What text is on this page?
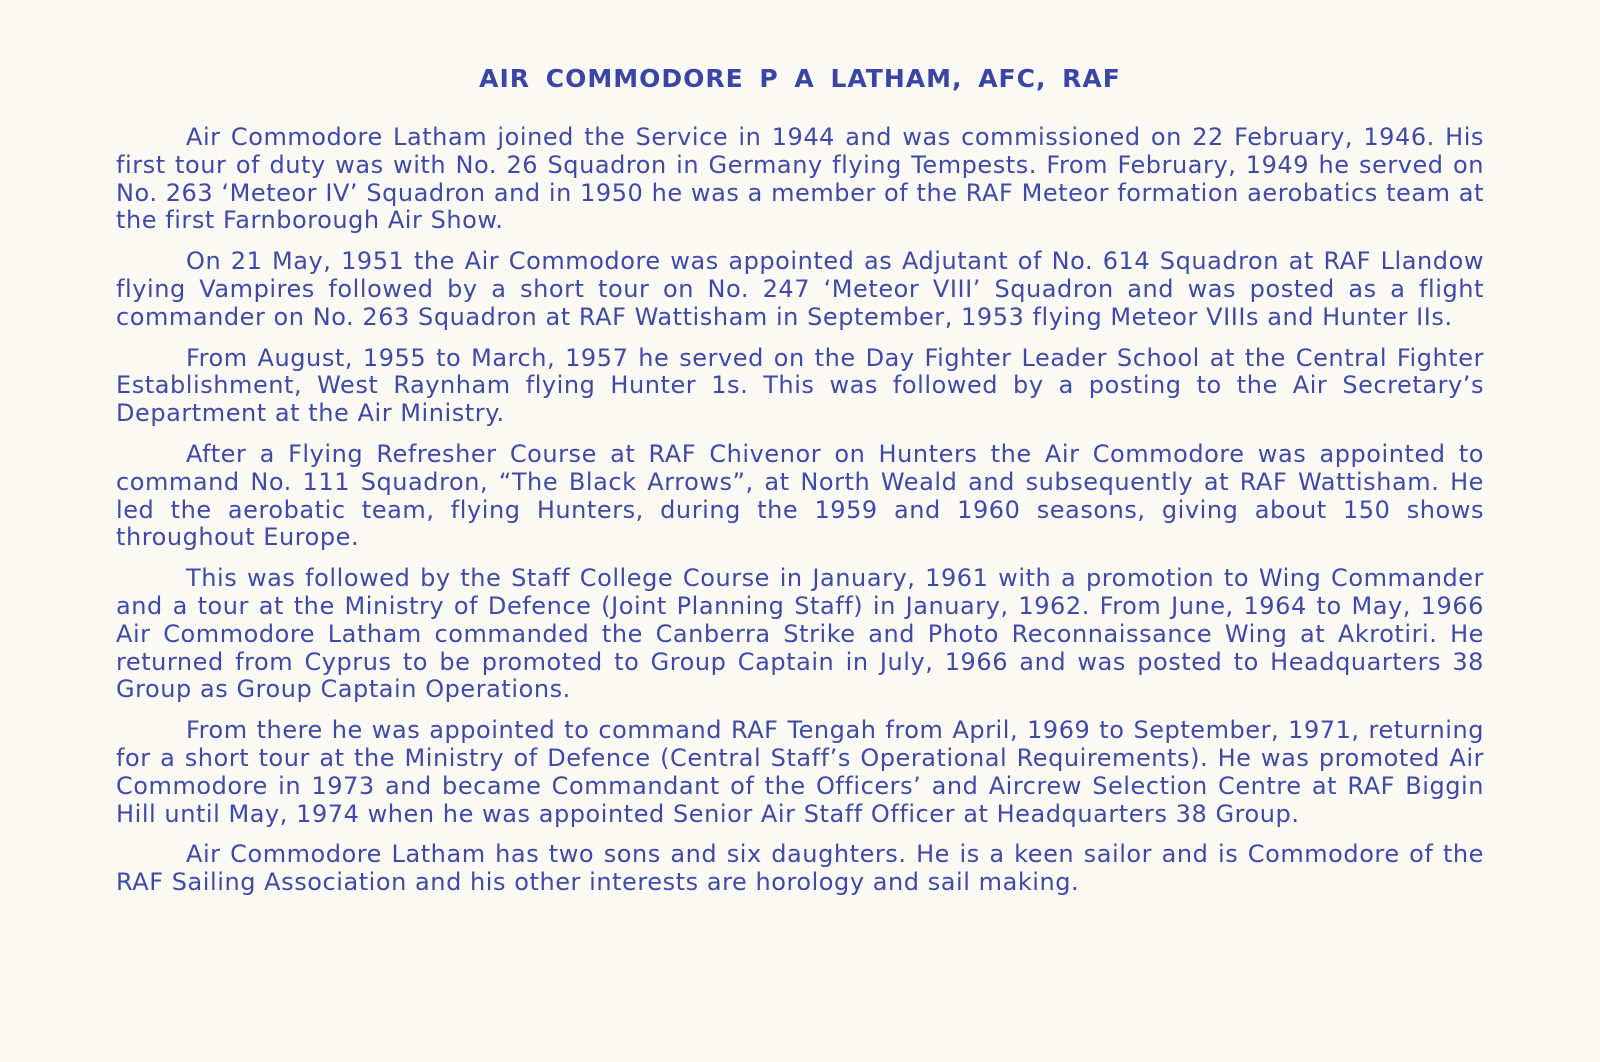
AIR COMMODORE P A LATHAM, AFC, RAF

Air Commodore Latham joined the Service in 1944 and was commissioned on 22 February, 1946. His first tour of duty was with No. 26 Squadron in Germany flying Tempests. From February, 1949 he served on No. 263 ‘Meteor IV’ Squadron and in 1950 he was a member of the RAF Meteor formation aerobatics team at the first Farnborough Air Show.

On 21 May, 1951 the Air Commodore was appointed as Adjutant of No. 614 Squadron at RAF Llandow flying Vampires followed by a short tour on No. 247 ‘Meteor VIII’ Squadron and was posted as a flight commander on No. 263 Squadron at RAF Wattisham in September, 1953 flying Meteor VIIIs and Hunter IIs.

From August, 1955 to March, 1957 he served on the Day Fighter Leader School at the Central Fighter Establishment, West Raynham flying Hunter 1s. This was followed by a posting to the Air Secretary’s Department at the Air Ministry.

After a Flying Refresher Course at RAF Chivenor on Hunters the Air Commodore was appointed to command No. 111 Squadron, “The Black Arrows”, at North Weald and subsequently at RAF Wattisham. He led the aerobatic team, flying Hunters, during the 1959 and 1960 seasons, giving about 150 shows throughout Europe.

This was followed by the Staff College Course in January, 1961 with a promotion to Wing Commander and a tour at the Ministry of Defence (Joint Planning Staff) in January, 1962. From June, 1964 to May, 1966 Air Commodore Latham commanded the Canberra Strike and Photo Reconnaissance Wing at Akrotiri. He returned from Cyprus to be promoted to Group Captain in July, 1966 and was posted to Headquarters 38 Group as Group Captain Operations.

From there he was appointed to command RAF Tengah from April, 1969 to September, 1971, returning for a short tour at the Ministry of Defence (Central Staff’s Operational Requirements). He was promoted Air Commodore in 1973 and became Commandant of the Officers’ and Aircrew Selection Centre at RAF Biggin Hill until May, 1974 when he was appointed Senior Air Staff Officer at Headquarters 38 Group.

Air Commodore Latham has two sons and six daughters. He is a keen sailor and is Commodore of the RAF Sailing Association and his other interests are horology and sail making.
